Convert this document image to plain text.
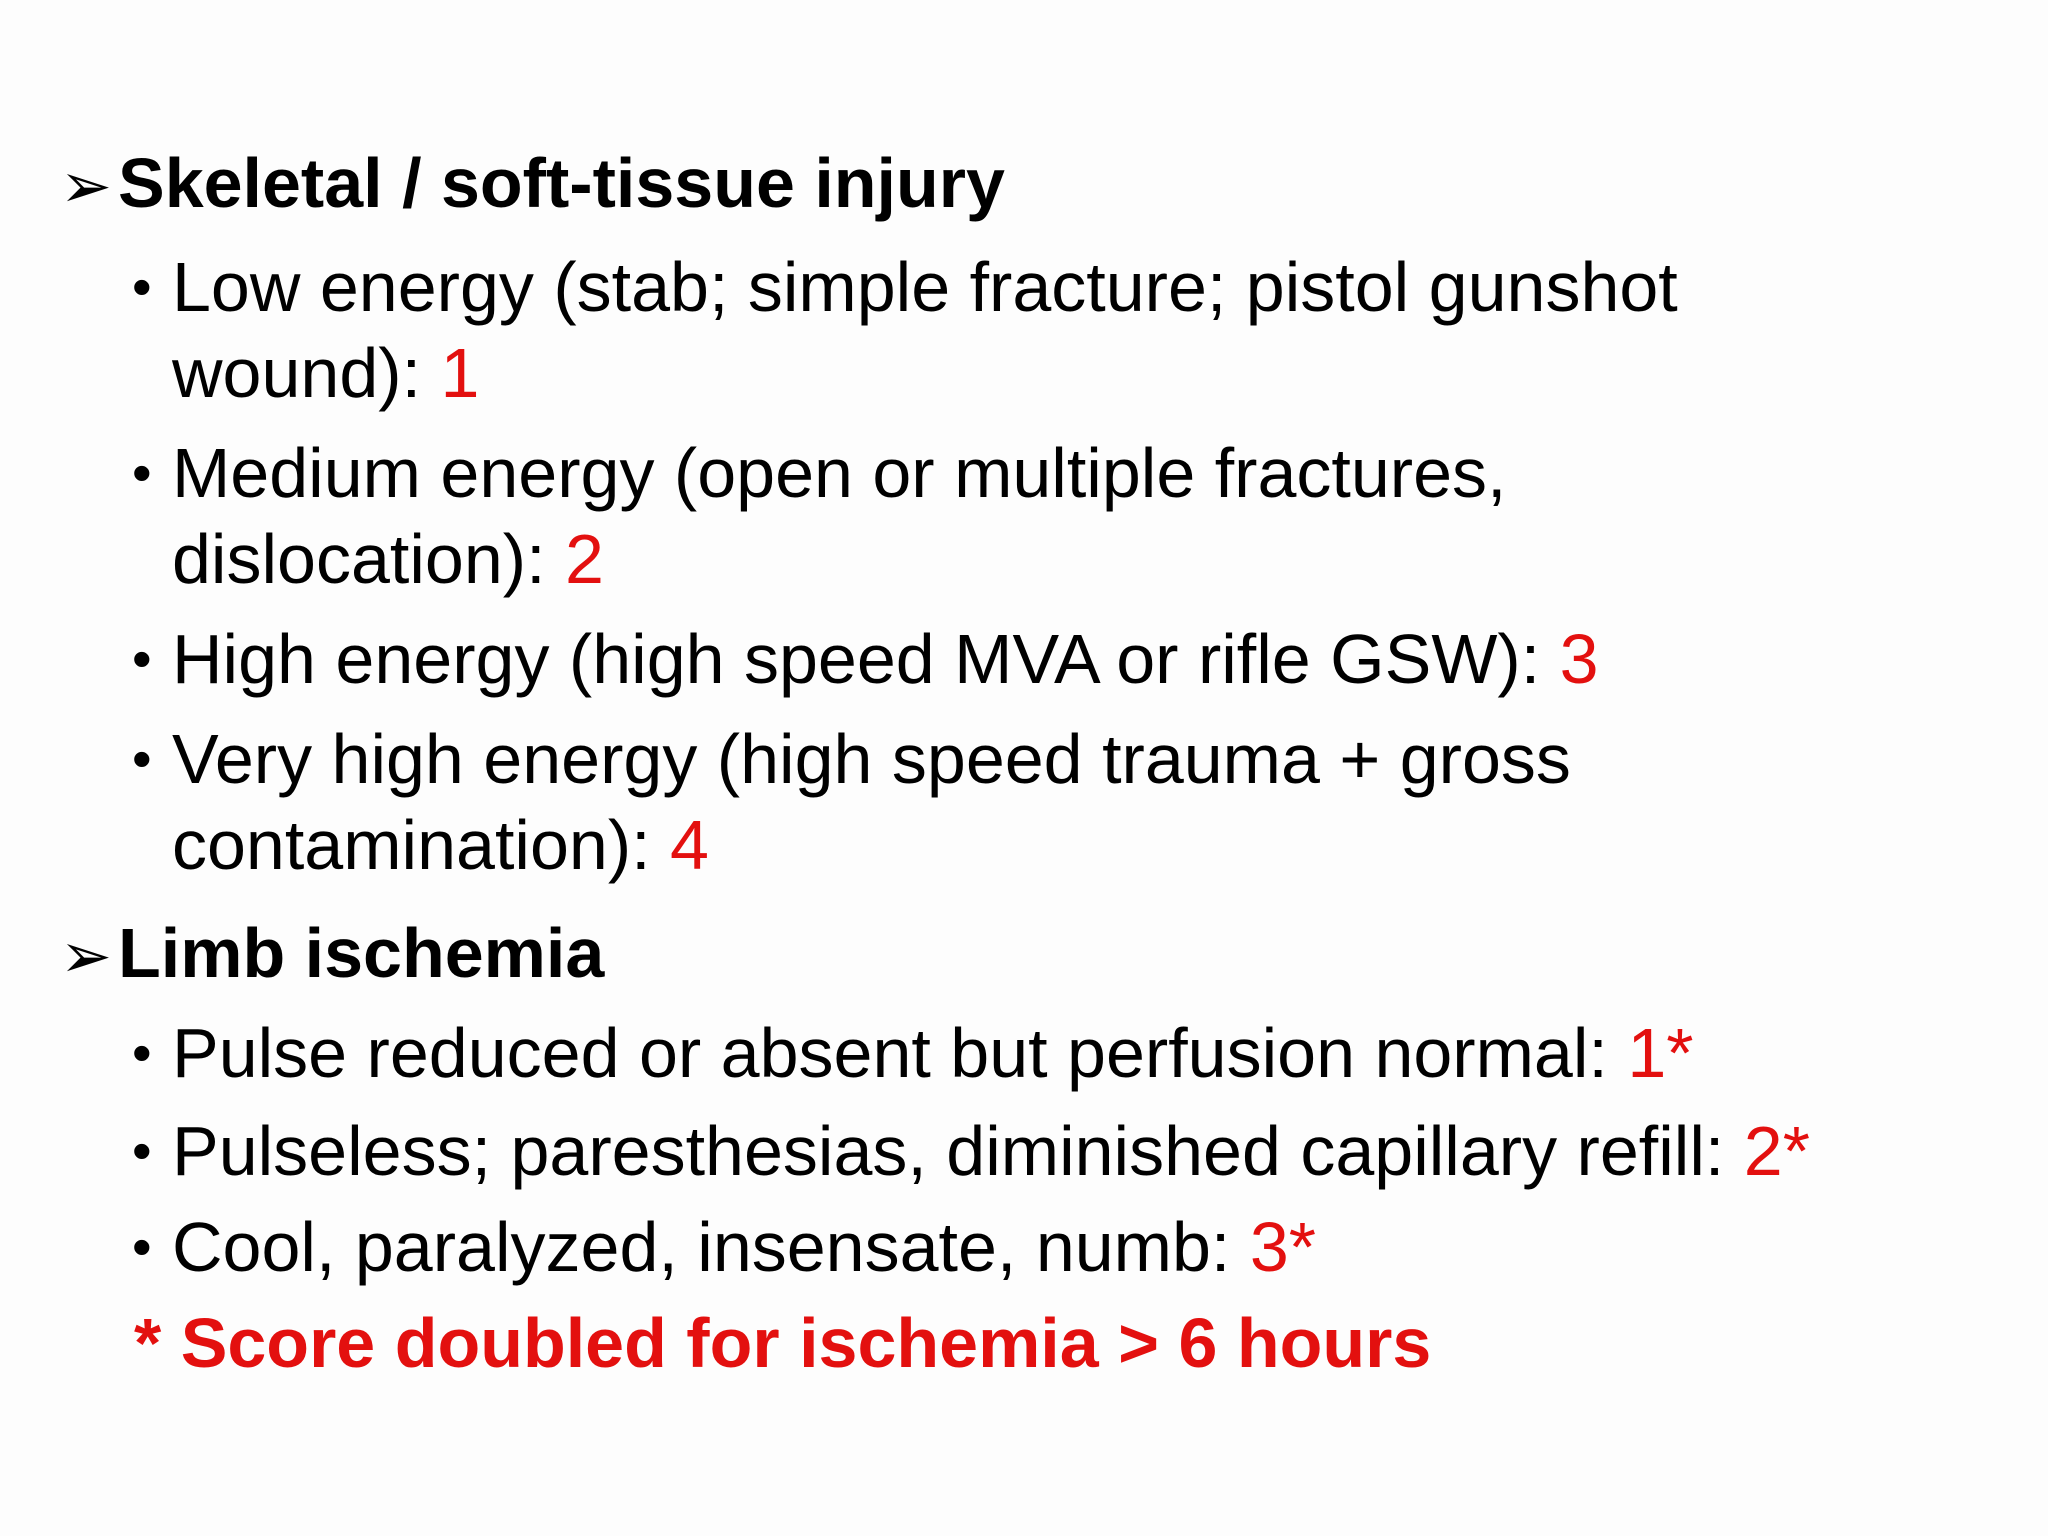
➢ Skeletal / soft-tissue injury
• Low energy (stab; simple fracture; pistol gunshot wound): 1
• Medium energy (open or multiple fractures, dislocation): 2
• High energy (high speed MVA or rifle GSW): 3
• Very high energy (high speed trauma + gross contamination): 4
➢ Limb ischemia
• Pulse reduced or absent but perfusion normal: 1*
• Pulseless; paresthesias, diminished capillary refill: 2*
• Cool, paralyzed, insensate, numb: 3*
* Score doubled for ischemia > 6 hours
